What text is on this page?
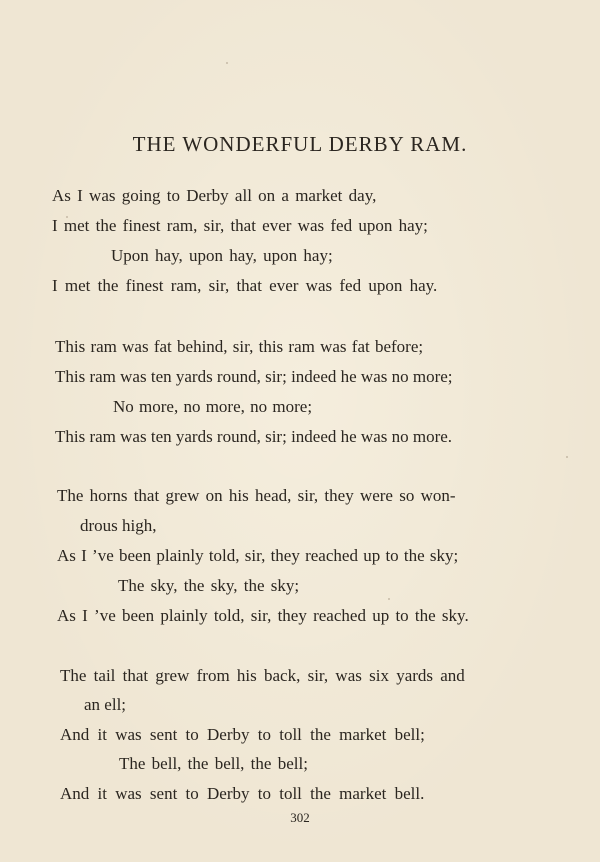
THE WONDERFUL DERBY RAM.
As I was going to Derby all on a market day,
I met the finest ram, sir, that ever was fed upon hay;
Upon hay, upon hay, upon hay;
I met the finest ram, sir, that ever was fed upon hay.
This ram was fat behind, sir, this ram was fat before;
This ram was ten yards round, sir; indeed he was no more;
No more, no more, no more;
This ram was ten yards round, sir; indeed he was no more.
The horns that grew on his head, sir, they were so won-
drous high,
As I ’ve been plainly told, sir, they reached up to the sky;
The sky, the sky, the sky;
As I ’ve been plainly told, sir, they reached up to the sky.
The tail that grew from his back, sir, was six yards and
an ell;
And it was sent to Derby to toll the market bell;
The bell, the bell, the bell;
And it was sent to Derby to toll the market bell.
302
